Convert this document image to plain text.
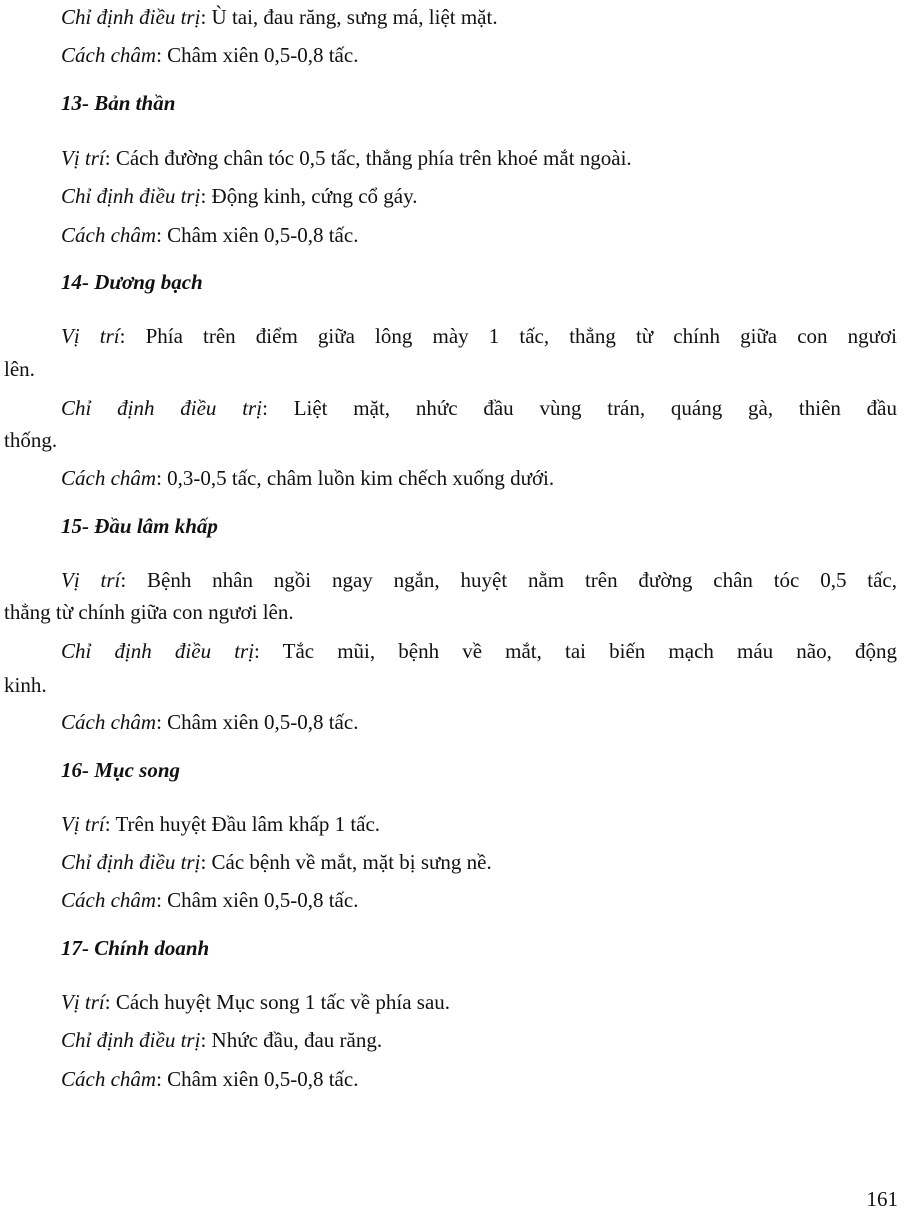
Chỉ định điều trị: Ù tai, đau răng, sưng má, liệt mặt.

Cách châm: Châm xiên 0,5-0,8 tấc.

13- Bản thần

Vị trí: Cách đường chân tóc 0,5 tấc, thẳng phía trên khoé mắt ngoài.

Chỉ định điều trị: Động kinh, cứng cổ gáy.

Cách châm: Châm xiên 0,5-0,8 tấc.

14- Dương bạch

Vị trí: Phía trên điểm giữa lông mày 1 tấc, thẳng từ chính giữa con ngươi

lên.

Chỉ định điều trị: Liệt mặt, nhức đầu vùng trán, quáng gà, thiên đầu

thống.

Cách châm: 0,3-0,5 tấc, châm luồn kim chếch xuống dưới.

15- Đầu lâm khấp

Vị trí: Bệnh nhân ngồi ngay ngắn, huyệt nằm trên đường chân tóc 0,5 tấc,

thẳng từ chính giữa con ngươi lên.

Chỉ định điều trị: Tắc mũi, bệnh về mắt, tai biến mạch máu não, động

kinh.

Cách châm: Châm xiên 0,5-0,8 tấc.

16- Mục song

Vị trí: Trên huyệt Đầu lâm khấp 1 tấc.

Chỉ định điều trị: Các bệnh về mắt, mặt bị sưng nề.

Cách châm: Châm xiên 0,5-0,8 tấc.

17- Chính doanh

Vị trí: Cách huyệt Mục song 1 tấc về phía sau.

Chỉ định điều trị: Nhức đầu, đau răng.

Cách châm: Châm xiên 0,5-0,8 tấc.

161
